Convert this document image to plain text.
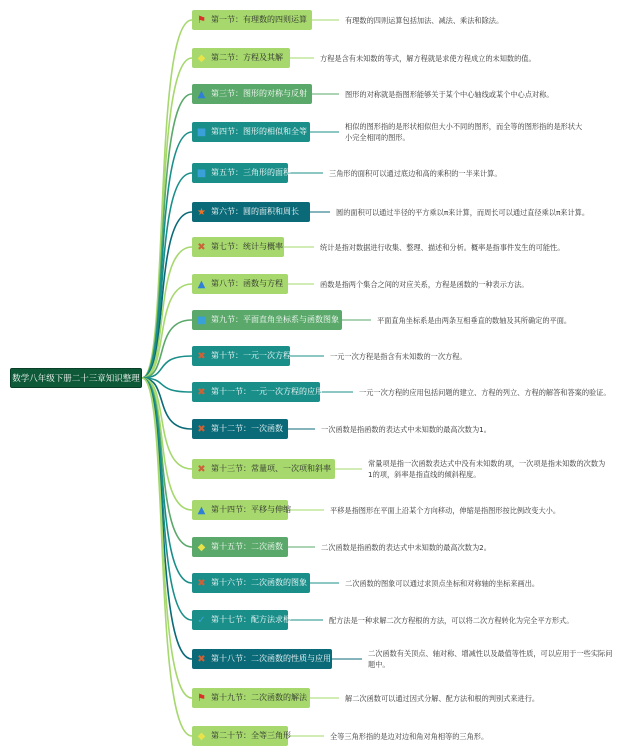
数学八年级下册二十三章知识整理
⚑ 第一节：有理数的四则运算	有理数的四则运算包括加法、减法、乘法和除法。
◆ 第二节：方程及其解	方程是含有未知数的等式，解方程就是求使方程成立的未知数的值。
▲ 第三节：图形的对称与反射	图形的对称就是指图形能够关于某个中心轴线或某个中心点对称。
■ 第四节：图形的相似和全等
相似的图形指的是形状相似但大小不同的图形，而全等的图形指的是形状大小完全相同的图形。
■ 第五节：三角形的面积	三角形的面积可以通过底边和高的乘积的一半来计算。
★ 第六节：圆的面积和周长	圆的面积可以通过半径的平方乘以π来计算，而周长可以通过直径乘以π来计算。
✖ 第七节：统计与概率	统计是指对数据进行收集、整理、描述和分析。概率是指事件发生的可能性。
▲ 第八节：函数与方程	函数是指两个集合之间的对应关系，方程是函数的一种表示方法。
■ 第九节：平面直角坐标系与函数图象	平面直角坐标系是由两条互相垂直的数轴及其所确定的平面。
✖ 第十节：一元一次方程	一元一次方程是指含有未知数的一次方程。
✖ 第十一节：一元一次方程的应用	一元一次方程的应用包括问题的建立、方程的列立、方程的解答和答案的验证。
✖ 第十二节：一次函数	一次函数是指函数的表达式中未知数的最高次数为1。
✖ 第十三节：常量项、一次项和斜率
常量项是指一次函数表达式中没有未知数的项，一次项是指未知数的次数为1的项，斜率是指直线的倾斜程度。
▲ 第十四节：平移与伸缩	平移是指图形在平面上沿某个方向移动，伸缩是指图形按比例改变大小。
◆ 第十五节：二次函数	二次函数是指函数的表达式中未知数的最高次数为2。
✖ 第十六节：二次函数的图象	二次函数的图象可以通过求顶点坐标和对称轴的坐标来画出。
✓ 第十七节：配方法求根	配方法是一种求解二次方程根的方法，可以将二次方程转化为完全平方形式。
✖ 第十八节：二次函数的性质与应用
二次函数有关顶点、轴对称、增减性以及最值等性质，可以应用于一些实际问题中。
⚑ 第十九节：二次函数的解法	解二次函数可以通过因式分解、配方法和根的判别式来进行。
◆ 第二十节：全等三角形	全等三角形指的是边对边和角对角相等的三角形。
